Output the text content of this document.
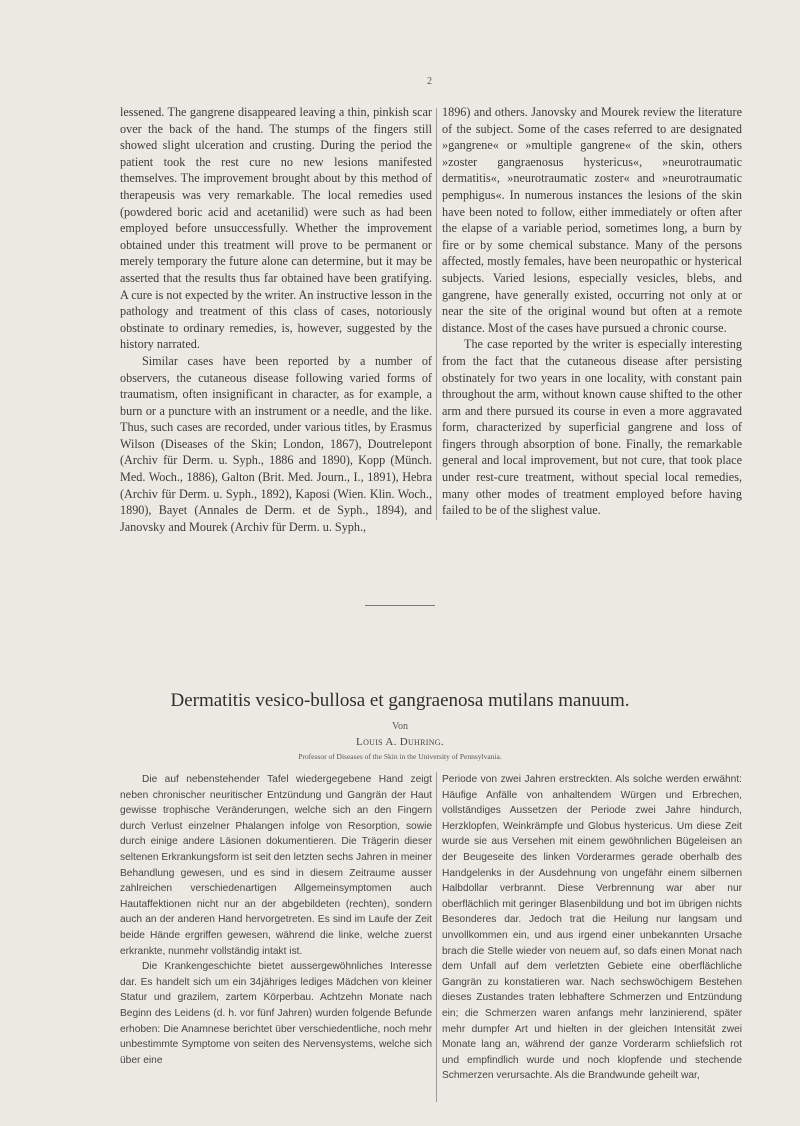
2

lessened. The gangrene disappeared leaving a thin, pinkish scar over the back of the hand. The stumps of the fingers still showed slight ulceration and crusting. During the period the patient took the rest cure no new lesions manifested themselves. The improvement brought about by this method of therapeusis was very remarkable. The local remedies used (powdered boric acid and acetanilid) were such as had been employed before unsuccessfully. Whether the improvement obtained under this treatment will prove to be permanent or merely temporary the future alone can determine, but it may be asserted that the results thus far obtained have been gratifying. A cure is not expected by the writer. An instructive lesson in the pathology and treatment of this class of cases, notoriously obstinate to ordinary remedies, is, however, suggested by the history narrated.

Similar cases have been reported by a number of observers, the cutaneous disease following varied forms of traumatism, often insignificant in character, as for example, a burn or a puncture with an instrument or a needle, and the like. Thus, such cases are recorded, under various titles, by Erasmus Wilson (Diseases of the Skin; London, 1867), Doutrelepont (Archiv für Derm. u. Syph., 1886 and 1890), Kopp (Münch. Med. Woch., 1886), Galton (Brit. Med. Journ., I., 1891), Hebra (Archiv für Derm. u. Syph., 1892), Kaposi (Wien. Klin. Woch., 1890), Bayet (Annales de Derm. et de Syph., 1894), and Janovsky and Mourek (Archiv für Derm. u. Syph.,

1896) and others. Janovsky and Mourek review the literature of the subject. Some of the cases referred to are designated »gangrene« or »multiple gangrene« of the skin, others »zoster gangraenosus hystericus«, »neurotraumatic dermatitis«, »neurotraumatic zoster« and »neurotraumatic pemphigus«. In numerous instances the lesions of the skin have been noted to follow, either immediately or often after the elapse of a variable period, sometimes long, a burn by fire or by some chemical substance. Many of the persons affected, mostly females, have been neuropathic or hysterical subjects. Varied lesions, especially vesicles, blebs, and gangrene, have generally existed, occurring not only at or near the site of the original wound but often at a remote distance. Most of the cases have pursued a chronic course.

The case reported by the writer is especially interesting from the fact that the cutaneous disease after persisting obstinately for two years in one locality, with constant pain throughout the arm, without known cause shifted to the other arm and there pursued its course in even a more aggravated form, characterized by superficial gangrene and loss of fingers through absorption of bone. Finally, the remarkable general and local improvement, but not cure, that took place under rest-cure treatment, without special local remedies, many other modes of treatment employed before having failed to be of the slighest value.

Dermatitis vesico-bullosa et gangraenosa mutilans manuum.
Von
Louis A. Duhring.
Professor of Diseases of the Skin in the University of Pennsylvania.

Die auf nebenstehender Tafel wiedergegebene Hand zeigt neben chronischer neuritischer Entzündung und Gangrän der Haut gewisse trophische Veränderungen, welche sich an den Fingern durch Verlust einzelner Phalangen infolge von Resorption, sowie durch einige andere Läsionen dokumentieren. Die Trägerin dieser seltenen Erkrankungsform ist seit den letzten sechs Jahren in meiner Behandlung gewesen, und es sind in diesem Zeitraume ausser zahlreichen verschiedenartigen Allgemeinsymptomen auch Hautaffektionen nicht nur an der abgebildeten (rechten), sondern auch an der anderen Hand hervorgetreten. Es sind im Laufe der Zeit beide Hände ergriffen gewesen, während die linke, welche zuerst erkrankte, nunmehr vollständig intakt ist.

Die Krankengeschichte bietet aussergewöhnliches Interesse dar. Es handelt sich um ein 34jähriges lediges Mädchen von kleiner Statur und grazilem, zartem Körperbau. Achtzehn Monate nach Beginn des Leidens (d. h. vor fünf Jahren) wurden folgende Befunde erhoben: Die Anamnese berichtet über verschiedentliche, noch mehr unbestimmte Symptome von seiten des Nervensystems, welche sich über eine

Periode von zwei Jahren erstreckten. Als solche werden erwähnt: Häufige Anfälle von anhaltendem Würgen und Erbrechen, vollständiges Aussetzen der Periode zwei Jahre hindurch, Herzklopfen, Weinkrämpfe und Globus hystericus. Um diese Zeit wurde sie aus Versehen mit einem gewöhnlichen Bügeleisen an der Beugeseite des linken Vorderarmes gerade oberhalb des Handgelenks in der Ausdehnung von ungefähr einem silbernen Halbdollar verbrannt. Diese Verbrennung war aber nur oberflächlich mit geringer Blasenbildung und bot im übrigen nichts Besonderes dar. Jedoch trat die Heilung nur langsam und unvollkommen ein, und aus irgend einer unbekannten Ursache brach die Stelle wieder von neuem auf, so dafs einen Monat nach dem Unfall auf dem verletzten Gebiete eine oberflächliche Gangrän zu konstatieren war. Nach sechswöchigem Bestehen dieses Zustandes traten lebhaftere Schmerzen und Entzündung ein; die Schmerzen waren anfangs mehr lanzinierend, später mehr dumpfer Art und hielten in der gleichen Intensität zwei Monate lang an, während der ganze Vorderarm schliefslich rot und empfindlich wurde und noch klopfende und stechende Schmerzen verursachte. Als die Brandwunde geheilt war,
